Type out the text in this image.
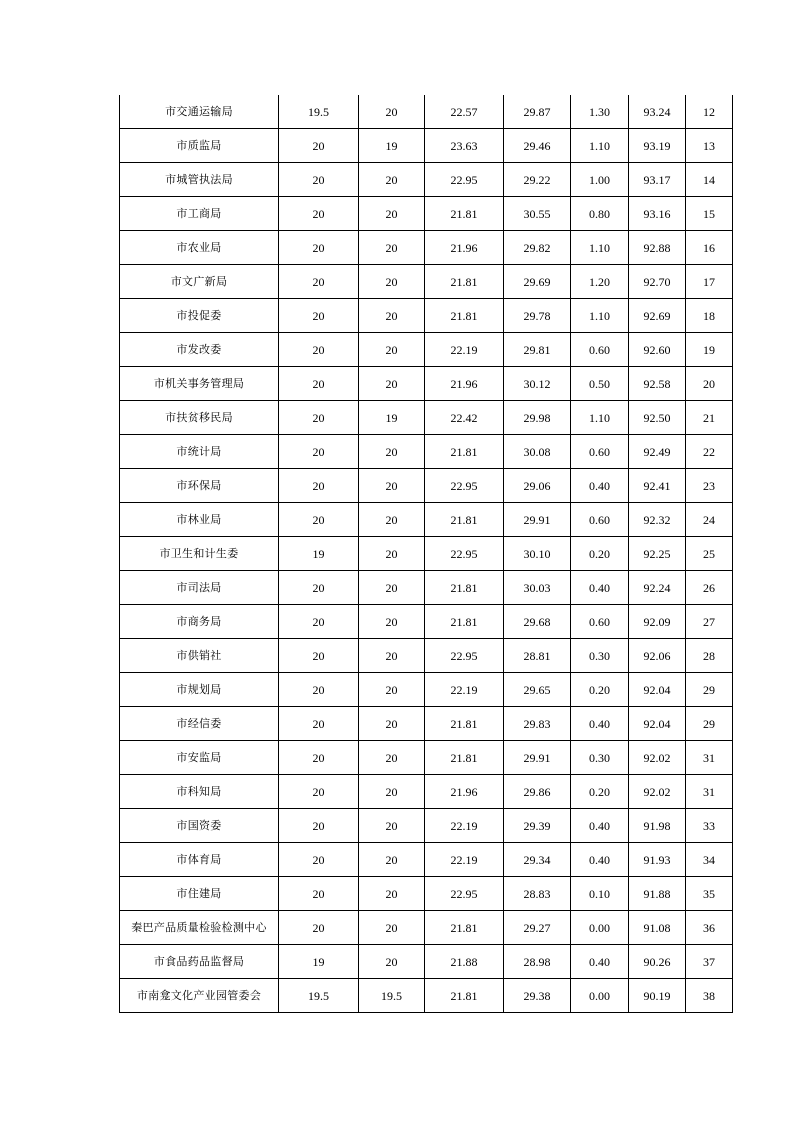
市交通运输局	19.5	20	22.57	29.87	1.30	93.24	12
市质监局	20	19	23.63	29.46	1.10	93.19	13
市城管执法局	20	20	22.95	29.22	1.00	93.17	14
市工商局	20	20	21.81	30.55	0.80	93.16	15
市农业局	20	20	21.96	29.82	1.10	92.88	16
市文广新局	20	20	21.81	29.69	1.20	92.70	17
市投促委	20	20	21.81	29.78	1.10	92.69	18
市发改委	20	20	22.19	29.81	0.60	92.60	19
市机关事务管理局	20	20	21.96	30.12	0.50	92.58	20
市扶贫移民局	20	19	22.42	29.98	1.10	92.50	21
市统计局	20	20	21.81	30.08	0.60	92.49	22
市环保局	20	20	22.95	29.06	0.40	92.41	23
市林业局	20	20	21.81	29.91	0.60	92.32	24
市卫生和计生委	19	20	22.95	30.10	0.20	92.25	25
市司法局	20	20	21.81	30.03	0.40	92.24	26
市商务局	20	20	21.81	29.68	0.60	92.09	27
市供销社	20	20	22.95	28.81	0.30	92.06	28
市规划局	20	20	22.19	29.65	0.20	92.04	29
市经信委	20	20	21.81	29.83	0.40	92.04	29
市安监局	20	20	21.81	29.91	0.30	92.02	31
市科知局	20	20	21.96	29.86	0.20	92.02	31
市国资委	20	20	22.19	29.39	0.40	91.98	33
市体育局	20	20	22.19	29.34	0.40	91.93	34
市住建局	20	20	22.95	28.83	0.10	91.88	35
秦巴产品质量检验检测中心	20	20	21.81	29.27	0.00	91.08	36
市食品药品监督局	19	20	21.88	28.98	0.40	90.26	37
市南龛文化产业园管委会	19.5	19.5	21.81	29.38	0.00	90.19	38
